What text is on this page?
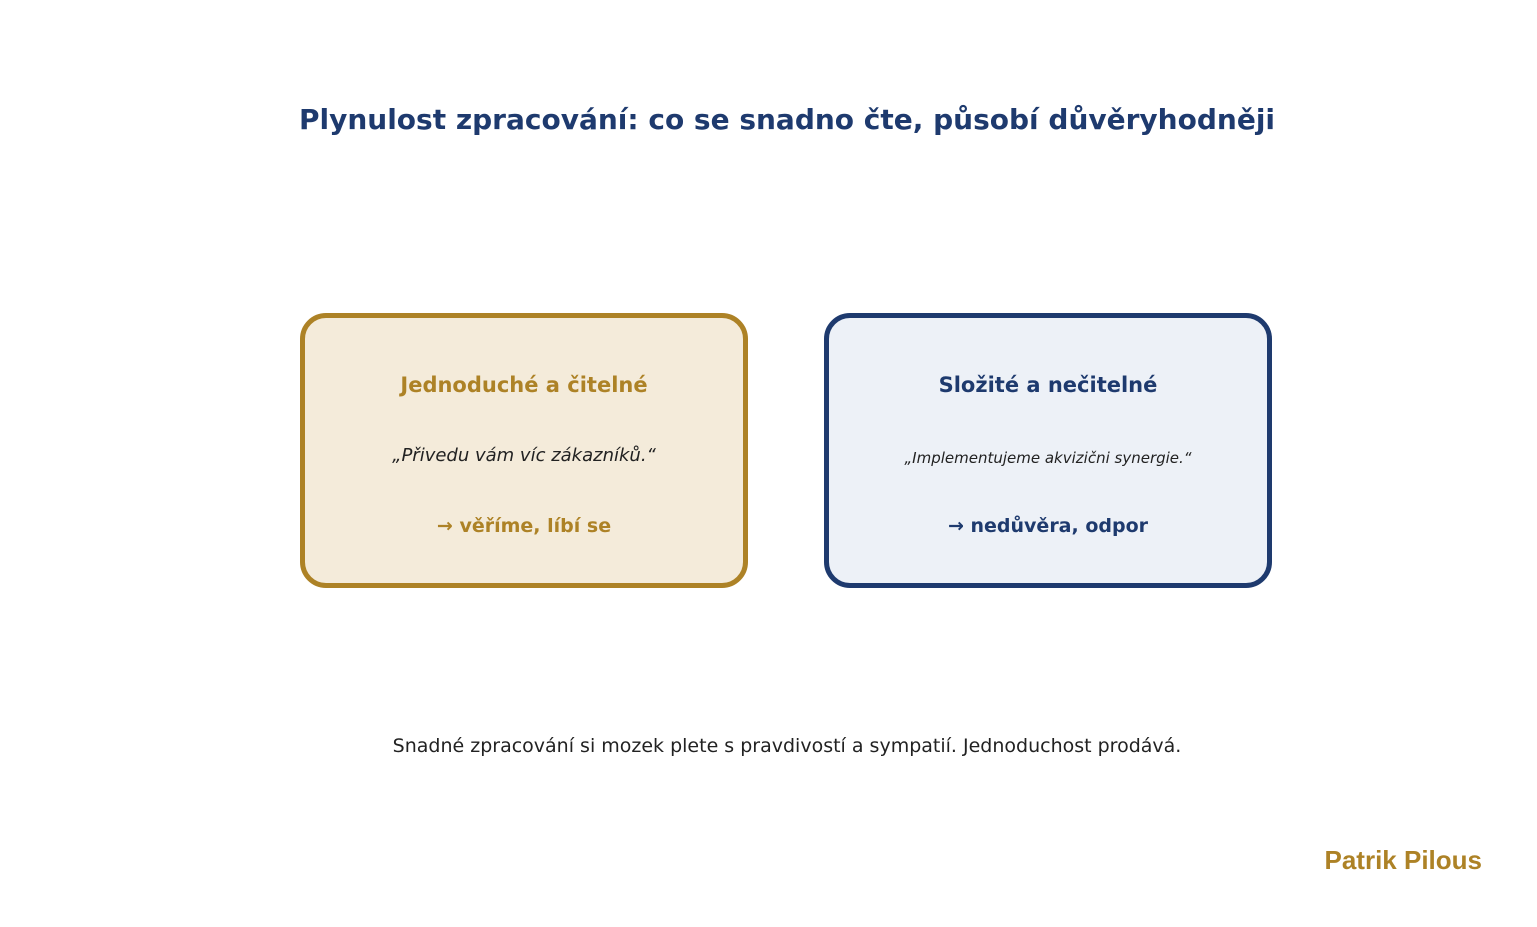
Plynulost zpracování: co se snadno čte, působí důvěryhodněji
Jednoduché a čitelné
„Přivedu vám víc zákazníků.“
→ věříme, líbí se
Složité a nečitelné
„Implementujeme akvizični synergie.“
→ nedůvěra, odpor
Snadné zpracování si mozek plete s pravdivostí a sympatií. Jednoduchost prodává.
Patrik Pilous
